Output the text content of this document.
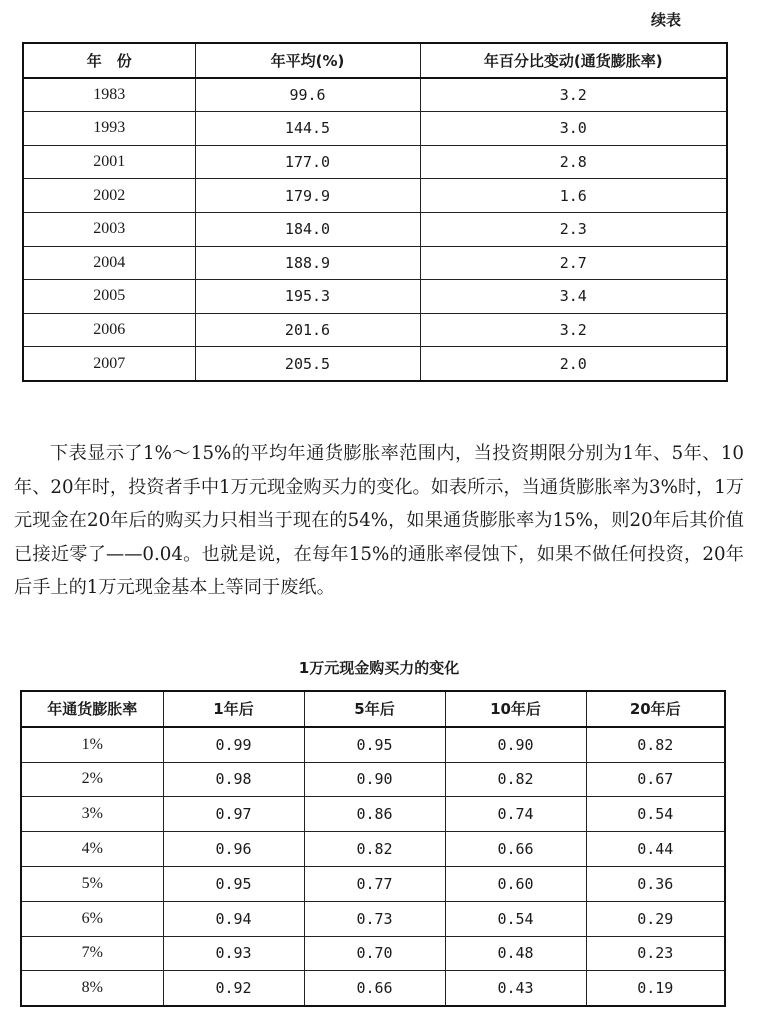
续表
年　份	年平均(%)	年百分比变动(通货膨胀率)
1983	99.6	3.2
1993	144.5	3.0
2001	177.0	2.8
2002	179.9	1.6
2003	184.0	2.3
2004	188.9	2.7
2005	195.3	3.4
2006	201.6	3.2
2007	205.5	2.0

下表显示了1%～15%的平均年通货膨胀率范围内，当投资期限分别为1年、5年、10年、20年时，投资者手中1万元现金购买力的变化。如表所示，当通货膨胀率为3%时，1万元现金在20年后的购买力只相当于现在的54%，如果通货膨胀率为15%，则20年后其价值已接近零了——0.04。也就是说，在每年15%的通胀率侵蚀下，如果不做任何投资，20年后手上的1万元现金基本上等同于废纸。

1万元现金购买力的变化
年通货膨胀率	1年后	5年后	10年后	20年后
1%	0.99	0.95	0.90	0.82
2%	0.98	0.90	0.82	0.67
3%	0.97	0.86	0.74	0.54
4%	0.96	0.82	0.66	0.44
5%	0.95	0.77	0.60	0.36
6%	0.94	0.73	0.54	0.29
7%	0.93	0.70	0.48	0.23
8%	0.92	0.66	0.43	0.19
